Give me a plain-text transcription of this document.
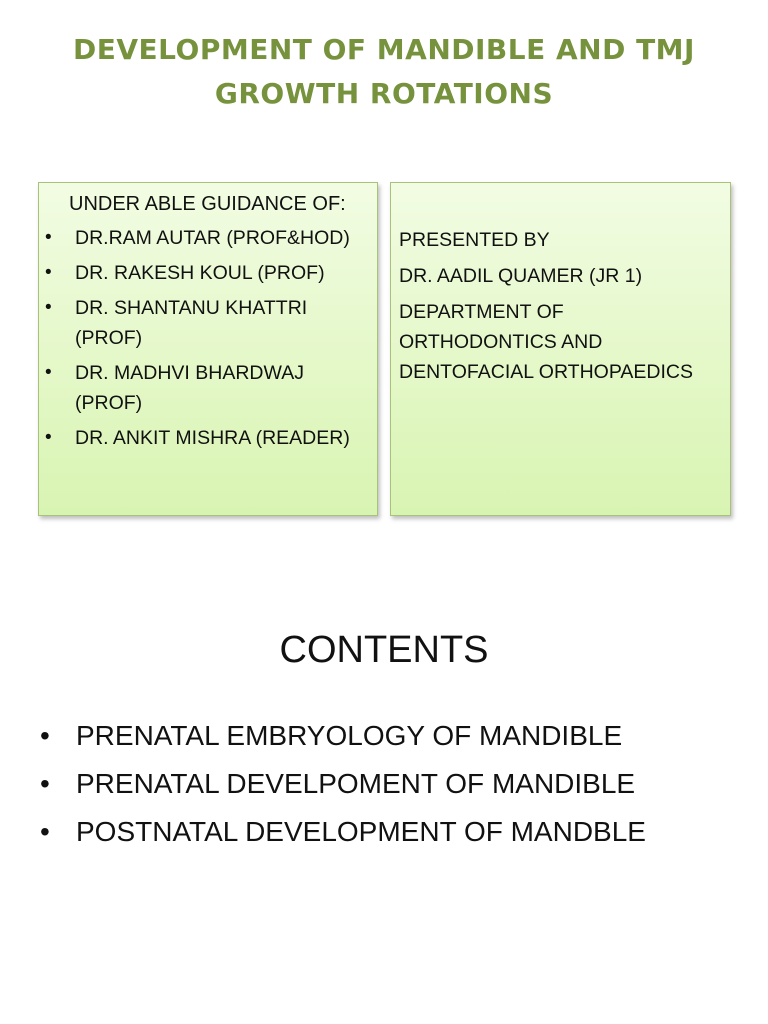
DEVELOPMENT OF MANDIBLE AND TMJ
GROWTH ROTATIONS
UNDER ABLE GUIDANCE OF:
• DR.RAM AUTAR (PROF&HOD)
• DR. RAKESH KOUL (PROF)
• DR. SHANTANU KHATTRI (PROF)
• DR. MADHVI BHARDWAJ (PROF)
• DR. ANKIT MISHRA (READER)
PRESENTED BY
DR. AADIL QUAMER (JR 1)
DEPARTMENT OF
ORTHODONTICS AND
DENTOFACIAL ORTHOPAEDICS
CONTENTS
• PRENATAL EMBRYOLOGY OF MANDIBLE
• PRENATAL DEVELPOMENT OF MANDIBLE
• POSTNATAL DEVELOPMENT OF MANDBLE
